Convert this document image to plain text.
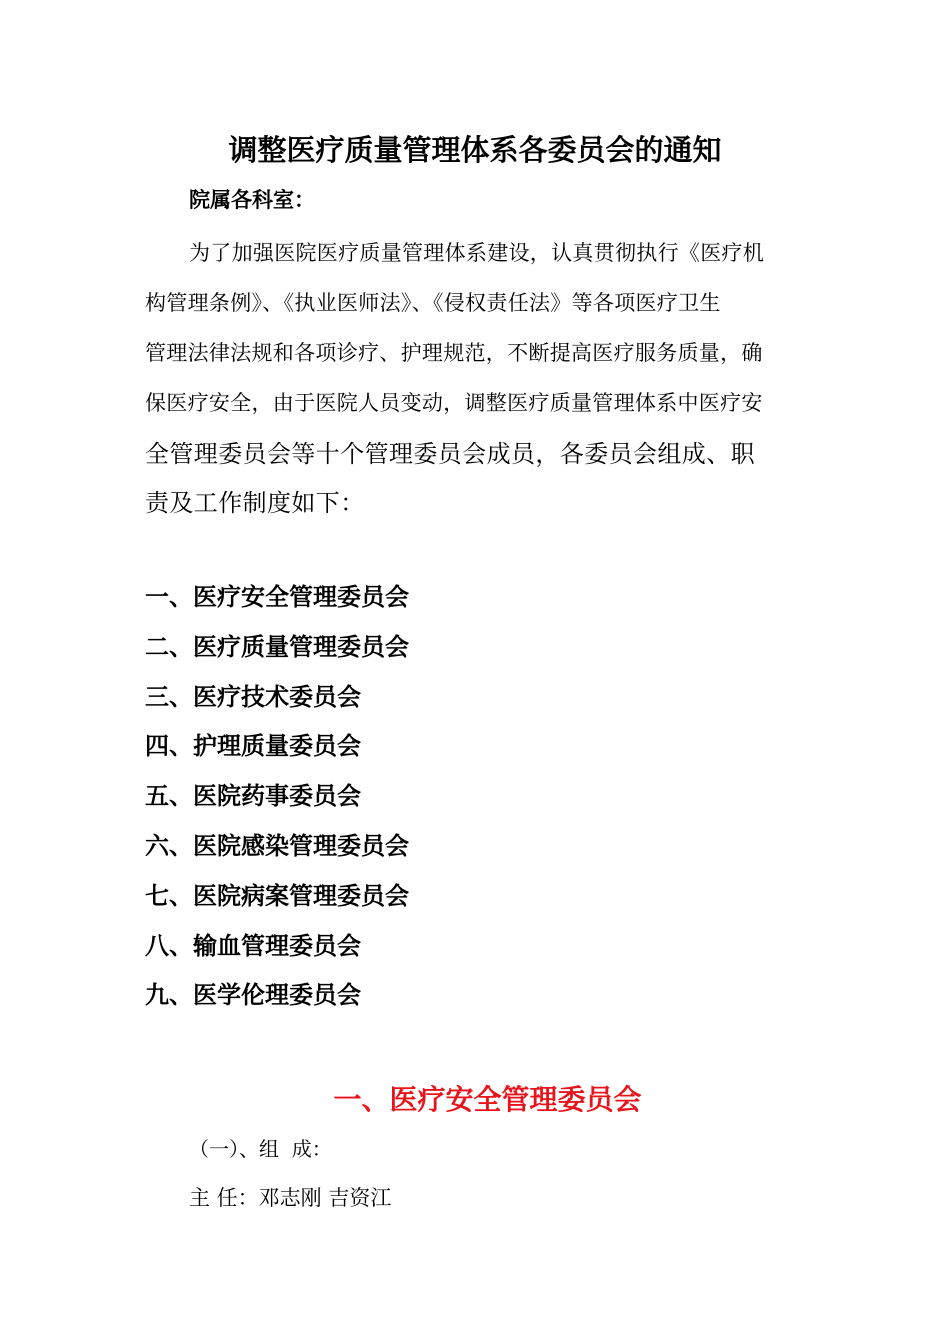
调整医疗质量管理体系各委员会的通知
院属各科室：
为了加强医院医疗质量管理体系建设，认真贯彻执行《医疗机
构管理条例》、《执业医师法》、《侵权责任法》等各项医疗卫生
管理法律法规和各项诊疗、护理规范，不断提高医疗服务质量，确
保医疗安全，由于医院人员变动，调整医疗质量管理体系中医疗安
全管理委员会等十个管理委员会成员，各委员会组成、职
责及工作制度如下：
一、医疗安全管理委员会
二、医疗质量管理委员会
三、医疗技术委员会
四、护理质量委员会
五、医院药事委员会
六、医院感染管理委员会
七、医院病案管理委员会
八、输血管理委员会
九、医学伦理委员会
一、医疗安全管理委员会
（一）、组  成：
主 任：邓志刚 吉资江
